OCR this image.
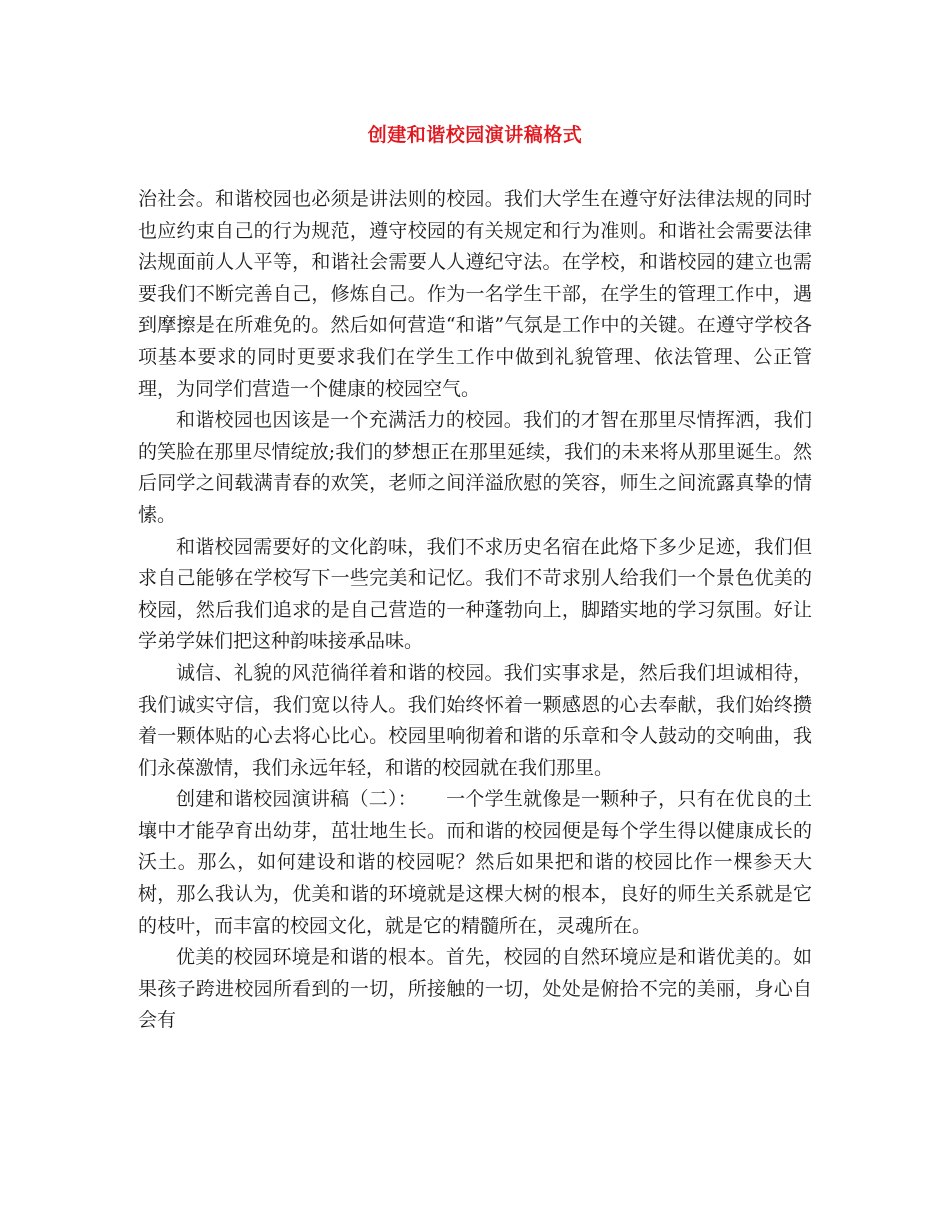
创建和谐校园演讲稿格式

治社会。和谐校园也必须是讲法则的校园。我们大学生在遵守好法律法规的同时也应约束自己的行为规范，遵守校园的有关规定和行为准则。和谐社会需要法律法规面前人人平等，和谐社会需要人人遵纪守法。在学校，和谐校园的建立也需要我们不断完善自己，修炼自己。作为一名学生干部，在学生的管理工作中，遇到摩擦是在所难免的。然后如何营造“和谐”气氛是工作中的关键。在遵守学校各项基本要求的同时更要求我们在学生工作中做到礼貌管理、依法管理、公正管理，为同学们营造一个健康的校园空气。

和谐校园也因该是一个充满活力的校园。我们的才智在那里尽情挥洒，我们的笑脸在那里尽情绽放;我们的梦想正在那里延续，我们的未来将从那里诞生。然后同学之间载满青春的欢笑，老师之间洋溢欣慰的笑容，师生之间流露真挚的情愫。

和谐校园需要好的文化韵味，我们不求历史名宿在此烙下多少足迹，我们但求自己能够在学校写下一些完美和记忆。我们不苛求别人给我们一个景色优美的校园，然后我们追求的是自己营造的一种蓬勃向上，脚踏实地的学习氛围。好让学弟学妹们把这种韵味接承品味。

诚信、礼貌的风范徜徉着和谐的校园。我们实事求是，然后我们坦诚相待，我们诚实守信，我们宽以待人。我们始终怀着一颗感恩的心去奉献，我们始终攒着一颗体贴的心去将心比心。校园里响彻着和谐的乐章和令人鼓动的交响曲，我们永葆激情，我们永远年轻，和谐的校园就在我们那里。

创建和谐校园演讲稿（二）：　　一个学生就像是一颗种子，只有在优良的土壤中才能孕育出幼芽，茁壮地生长。而和谐的校园便是每个学生得以健康成长的沃土。那么，如何建设和谐的校园呢？然后如果把和谐的校园比作一棵参天大树，那么我认为，优美和谐的环境就是这棵大树的根本，良好的师生关系就是它的枝叶，而丰富的校园文化，就是它的精髓所在，灵魂所在。

优美的校园环境是和谐的根本。首先，校园的自然环境应是和谐优美的。如果孩子跨进校园所看到的一切，所接触的一切，处处是俯拾不完的美丽，身心自会有
